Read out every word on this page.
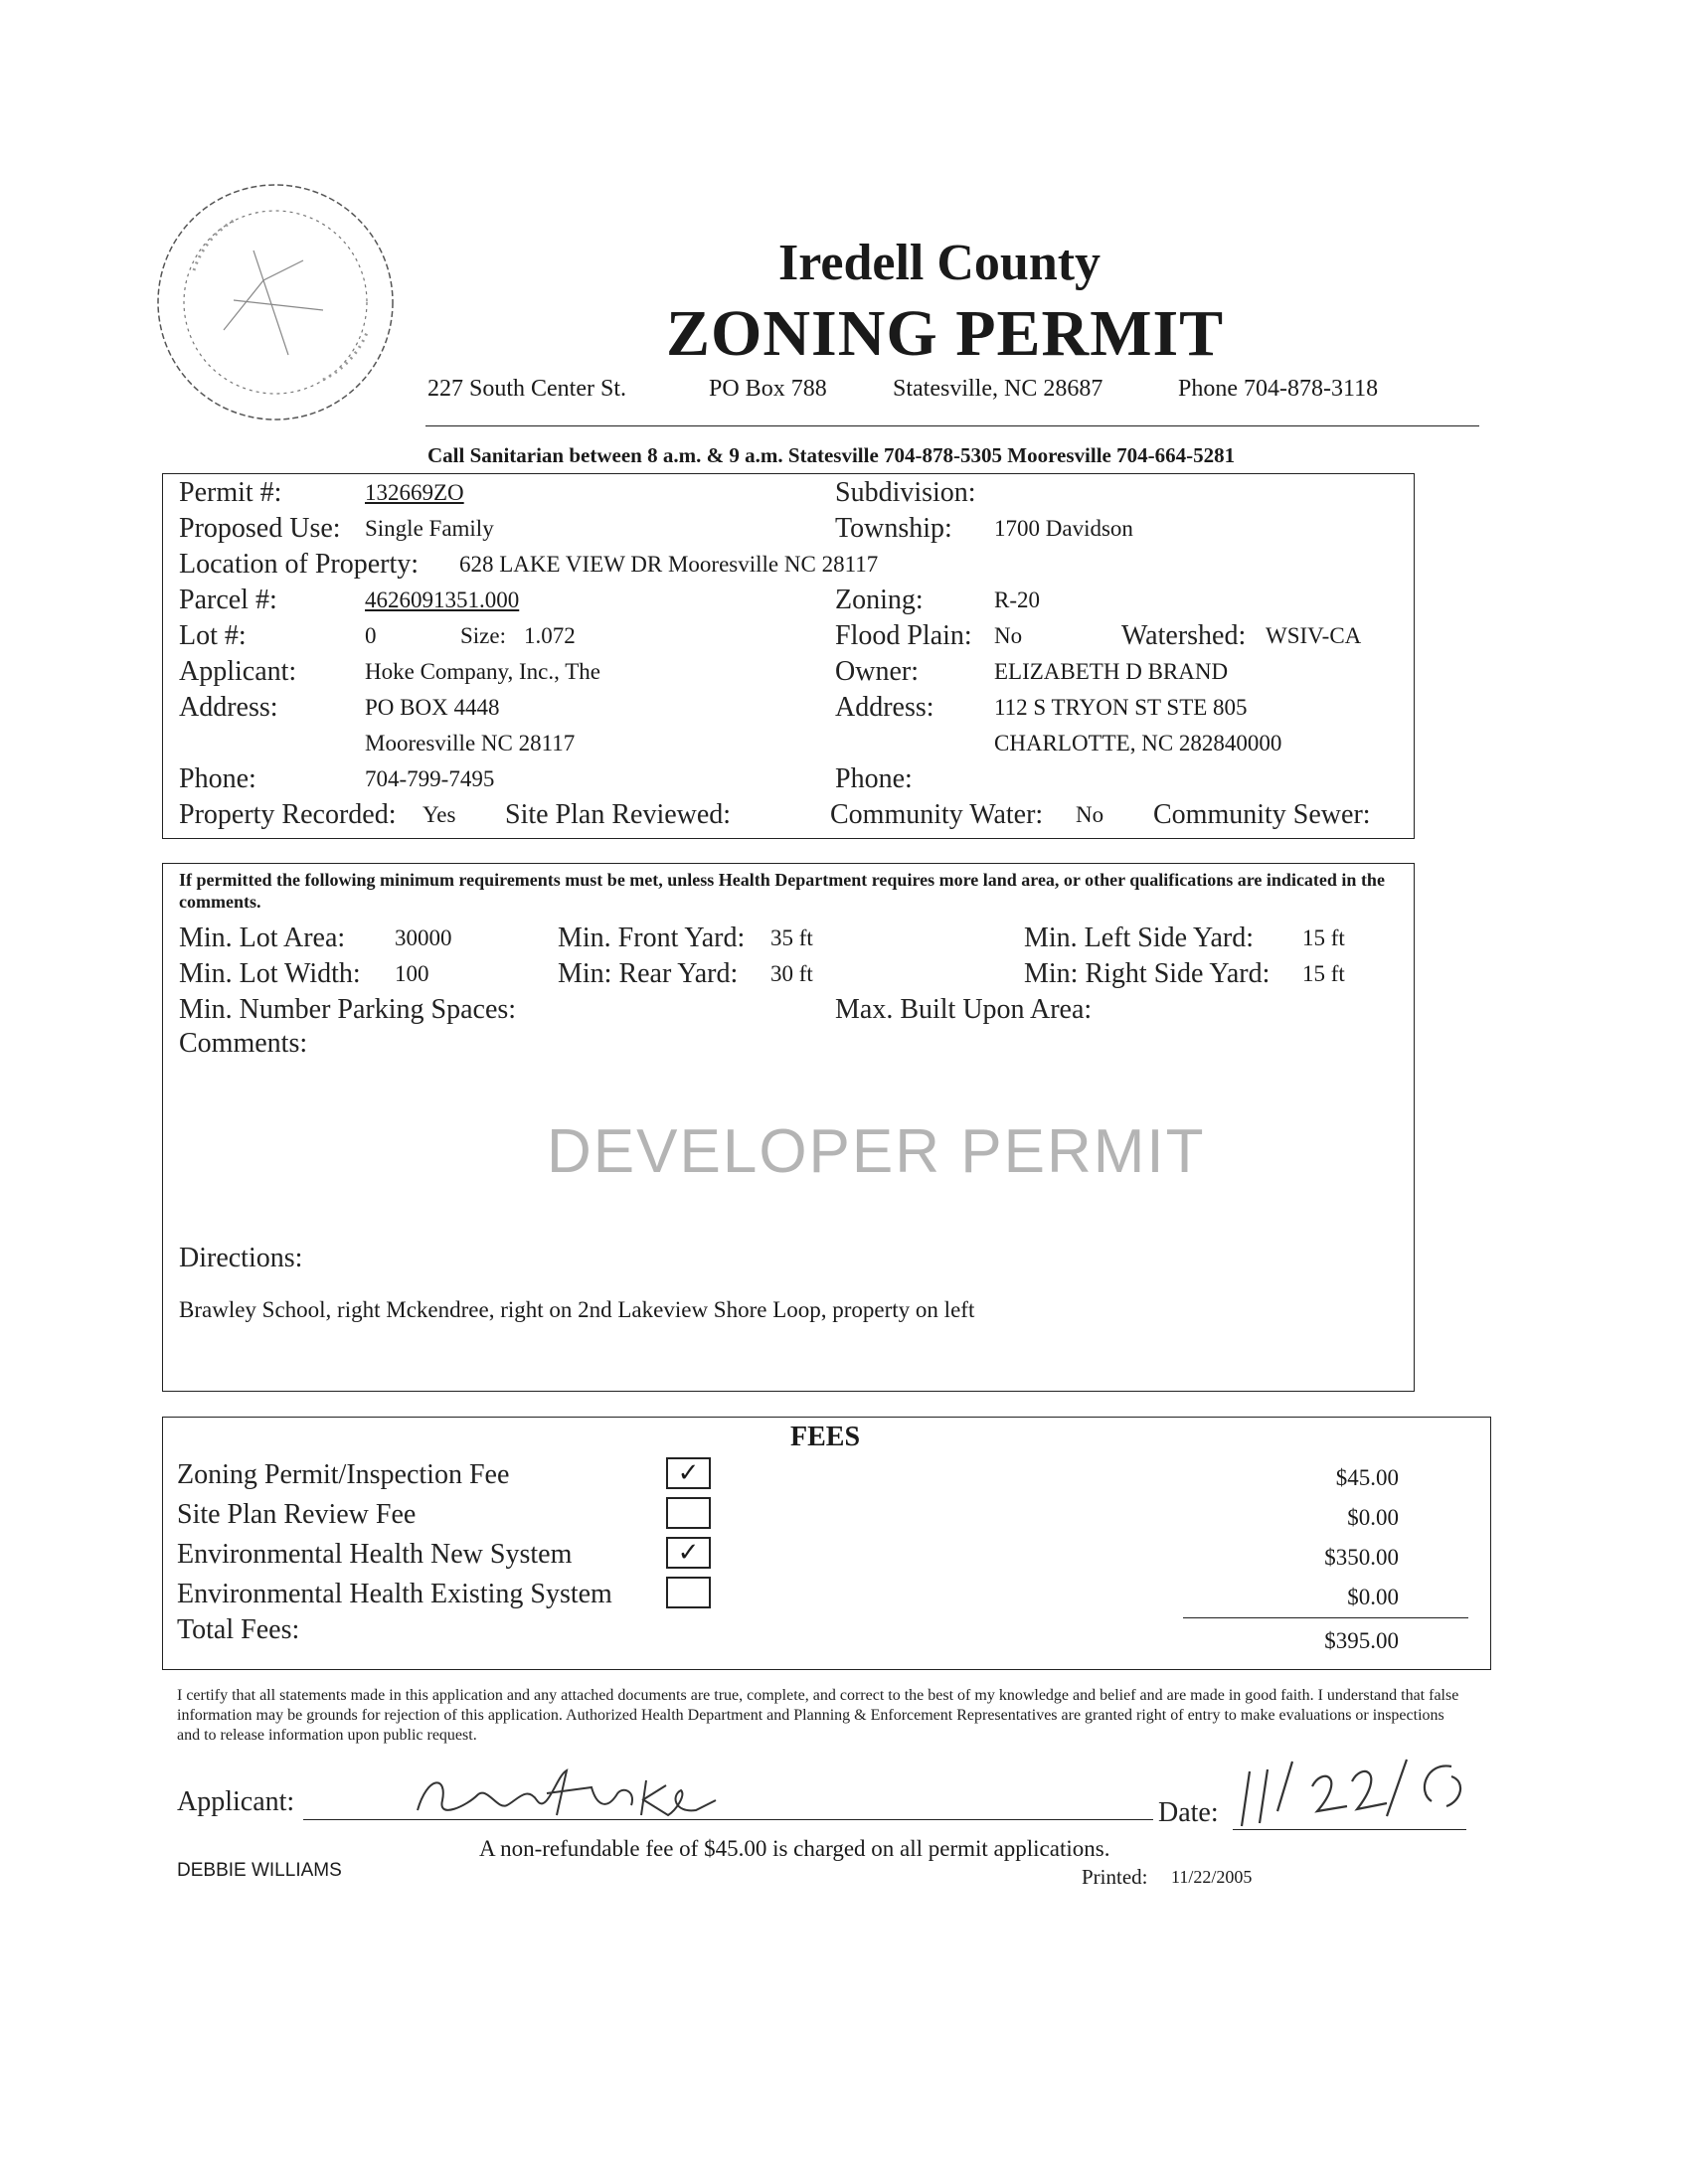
Iredell County
ZONING PERMIT
227 South Center St.	PO Box 788	Statesville, NC 28687	Phone 704-878-3118
Call Sanitarian between 8 a.m. & 9 a.m. Statesville 704-878-5305 Mooresville 704-664-5281
Permit #:	132669ZO	Subdivision:
Proposed Use: Single Family	Township: 1700 Davidson
Location of Property: 628 LAKE VIEW DR Mooresville NC 28117
Parcel #:	4626091351.000	Zoning:	R-20
Lot #:	0	Size: 1.072	Flood Plain: No	Watershed: WSIV-CA
Applicant:	Hoke Company, Inc., The	Owner:	ELIZABETH D BRAND
Address:	PO BOX 4448	Address:	112 S TRYON ST STE 805
Mooresville NC 28117	CHARLOTTE, NC 282840000
Phone:	704-799-7495	Phone:
Property Recorded: Yes Site Plan Reviewed:	Community Water: No Community Sewer:
If permitted the following minimum requirements must be met, unless Health Department requires more land area, or other qualifications are indicated in the comments.
Min. Lot Area: 30000	Min. Front Yard: 35 ft	Min. Left Side Yard: 15 ft
Min. Lot Width: 100	Min: Rear Yard: 30 ft	Min: Right Side Yard: 15 ft
Min. Number Parking Spaces:	Max. Built Upon Area:
Comments:
DEVELOPER PERMIT
Directions:
Brawley School, right Mckendree, right on 2nd Lakeview Shore Loop, property on left
FEES
Zoning Permit/Inspection Fee	✓	$45.00
Site Plan Review Fee	$0.00
Environmental Health New System	✓	$350.00
Environmental Health Existing System	$0.00
Total Fees:	$395.00
I certify that all statements made in this application and any attached documents are true, complete, and correct to the best of my knowledge and belief and are made in good faith. I understand that false information may be grounds for rejection of this application. Authorized Health Department and Planning & Enforcement Representatives are granted right of entry to make evaluations or inspections and to release information upon public request.
Applicant:	Date:
A non-refundable fee of $45.00 is charged on all permit applications.
DEBBIE WILLIAMS	Printed: 11/22/2005
